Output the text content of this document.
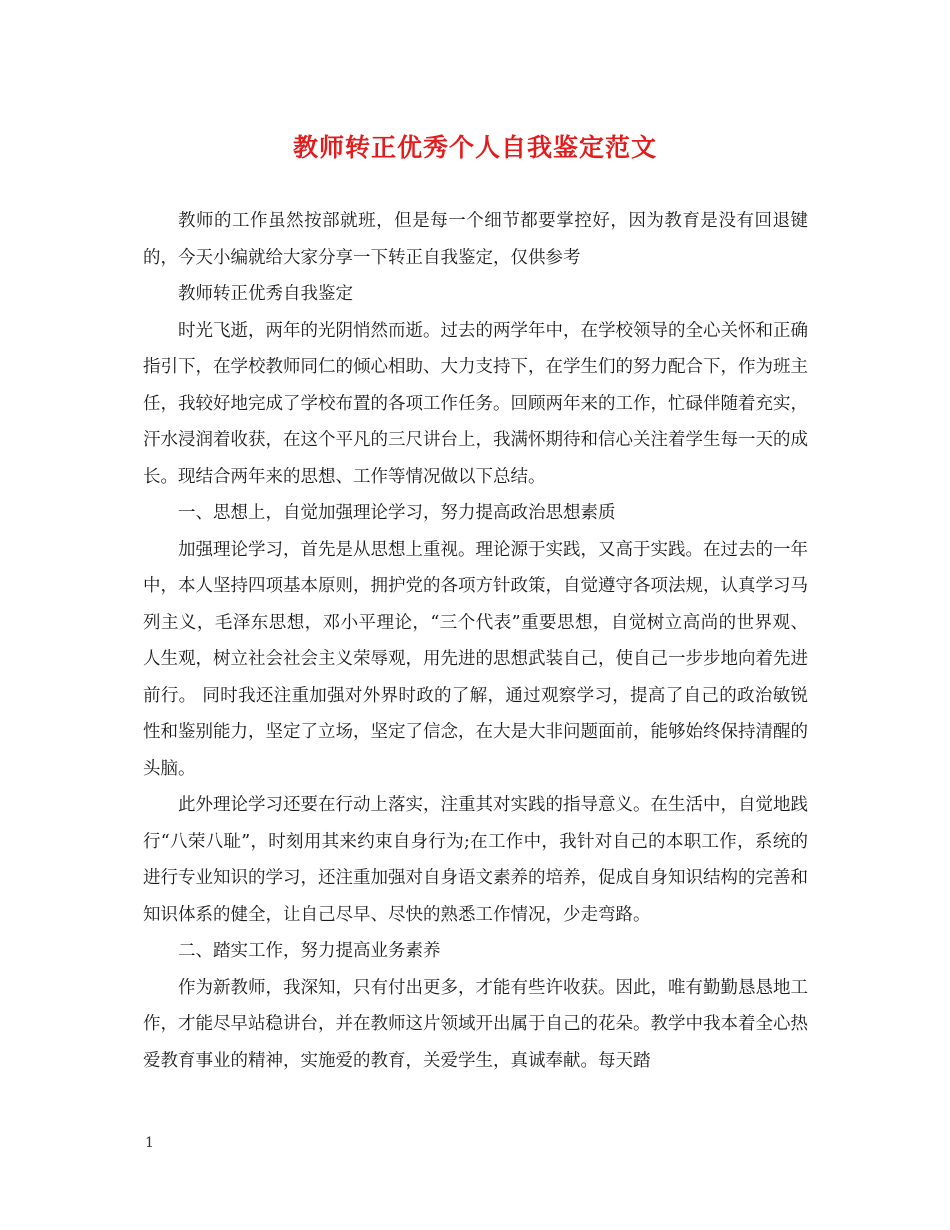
教师转正优秀个人自我鉴定范文

教师的工作虽然按部就班，但是每一个细节都要掌控好，因为教育是没有回退键的，今天小编就给大家分享一下转正自我鉴定，仅供参考

教师转正优秀自我鉴定

时光飞逝，两年的光阴悄然而逝。过去的两学年中，在学校领导的全心关怀和正确指引下，在学校教师同仁的倾心相助、大力支持下，在学生们的努力配合下，作为班主任，我较好地完成了学校布置的各项工作任务。回顾两年来的工作，忙碌伴随着充实，汗水浸润着收获，在这个平凡的三尺讲台上，我满怀期待和信心关注着学生每一天的成长。现结合两年来的思想、工作等情况做以下总结。

一、思想上，自觉加强理论学习，努力提高政治思想素质

加强理论学习，首先是从思想上重视。理论源于实践，又高于实践。在过去的一年中，本人坚持四项基本原则，拥护党的各项方针政策，自觉遵守各项法规，认真学习马列主义，毛泽东思想，邓小平理论，“三个代表”重要思想，自觉树立高尚的世界观、人生观，树立社会社会主义荣辱观，用先进的思想武装自己，使自己一步步地向着先进前行。 同时我还注重加强对外界时政的了解，通过观察学习，提高了自己的政治敏锐性和鉴别能力，坚定了立场，坚定了信念，在大是大非问题面前，能够始终保持清醒的头脑。

此外理论学习还要在行动上落实，注重其对实践的指导意义。在生活中，自觉地践行“八荣八耻”，时刻用其来约束自身行为;在工作中，我针对自己的本职工作，系统的进行专业知识的学习，还注重加强对自身语文素养的培养，促成自身知识结构的完善和知识体系的健全，让自己尽早、尽快的熟悉工作情况，少走弯路。

二、踏实工作，努力提高业务素养

作为新教师，我深知，只有付出更多，才能有些许收获。因此，唯有勤勤恳恳地工作，才能尽早站稳讲台，并在教师这片领域开出属于自己的花朵。教学中我本着全心热爱教育事业的精神，实施爱的教育，关爱学生，真诚奉献。每天踏

1
